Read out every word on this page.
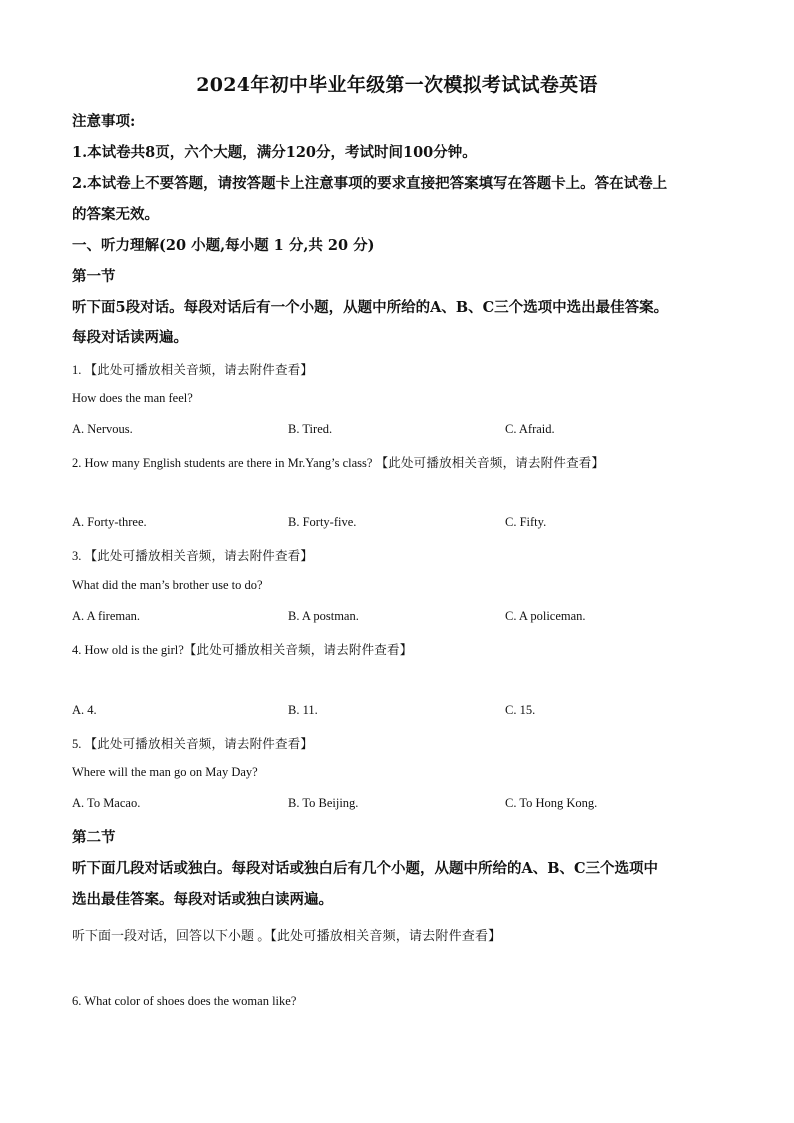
2024年初中毕业年级第一次模拟考试试卷英语
注意事项:
1.本试卷共8页，六个大题，满分120分，考试时间100分钟。
2.本试卷上不要答题，请按答题卡上注意事项的要求直接把答案填写在答题卡上。答在试卷上
的答案无效。
一、听力理解(20 小题,每小题 1 分,共 20 分)
第一节
听下面5段对话。每段对话后有一个小题，从题中所给的A、B、C三个选项中选出最佳答案。
每段对话读两遍。
1. 【此处可播放相关音频，请去附件查看】
How does the man feel?
A. Nervous.	B. Tired.	C. Afraid.
2. How many English students are there in Mr.Yang’s class? 【此处可播放相关音频，请去附件查看】
A. Forty-three.	B. Forty-five.	C. Fifty.
3. 【此处可播放相关音频，请去附件查看】
What did the man’s brother use to do?
A. A fireman.	B. A postman.	C. A policeman.
4. How old is the girl?【此处可播放相关音频，请去附件查看】
A. 4.	B. 11.	C. 15.
5. 【此处可播放相关音频，请去附件查看】
Where will the man go on May Day?
A. To Macao.	B. To Beijing.	C. To Hong Kong.
第二节
听下面几段对话或独白。每段对话或独白后有几个小题，从题中所给的A、B、C三个选项中
选出最佳答案。每段对话或独白读两遍。
听下面一段对话，回答以下小题 。【此处可播放相关音频，请去附件查看】
6. What color of shoes does the woman like?
